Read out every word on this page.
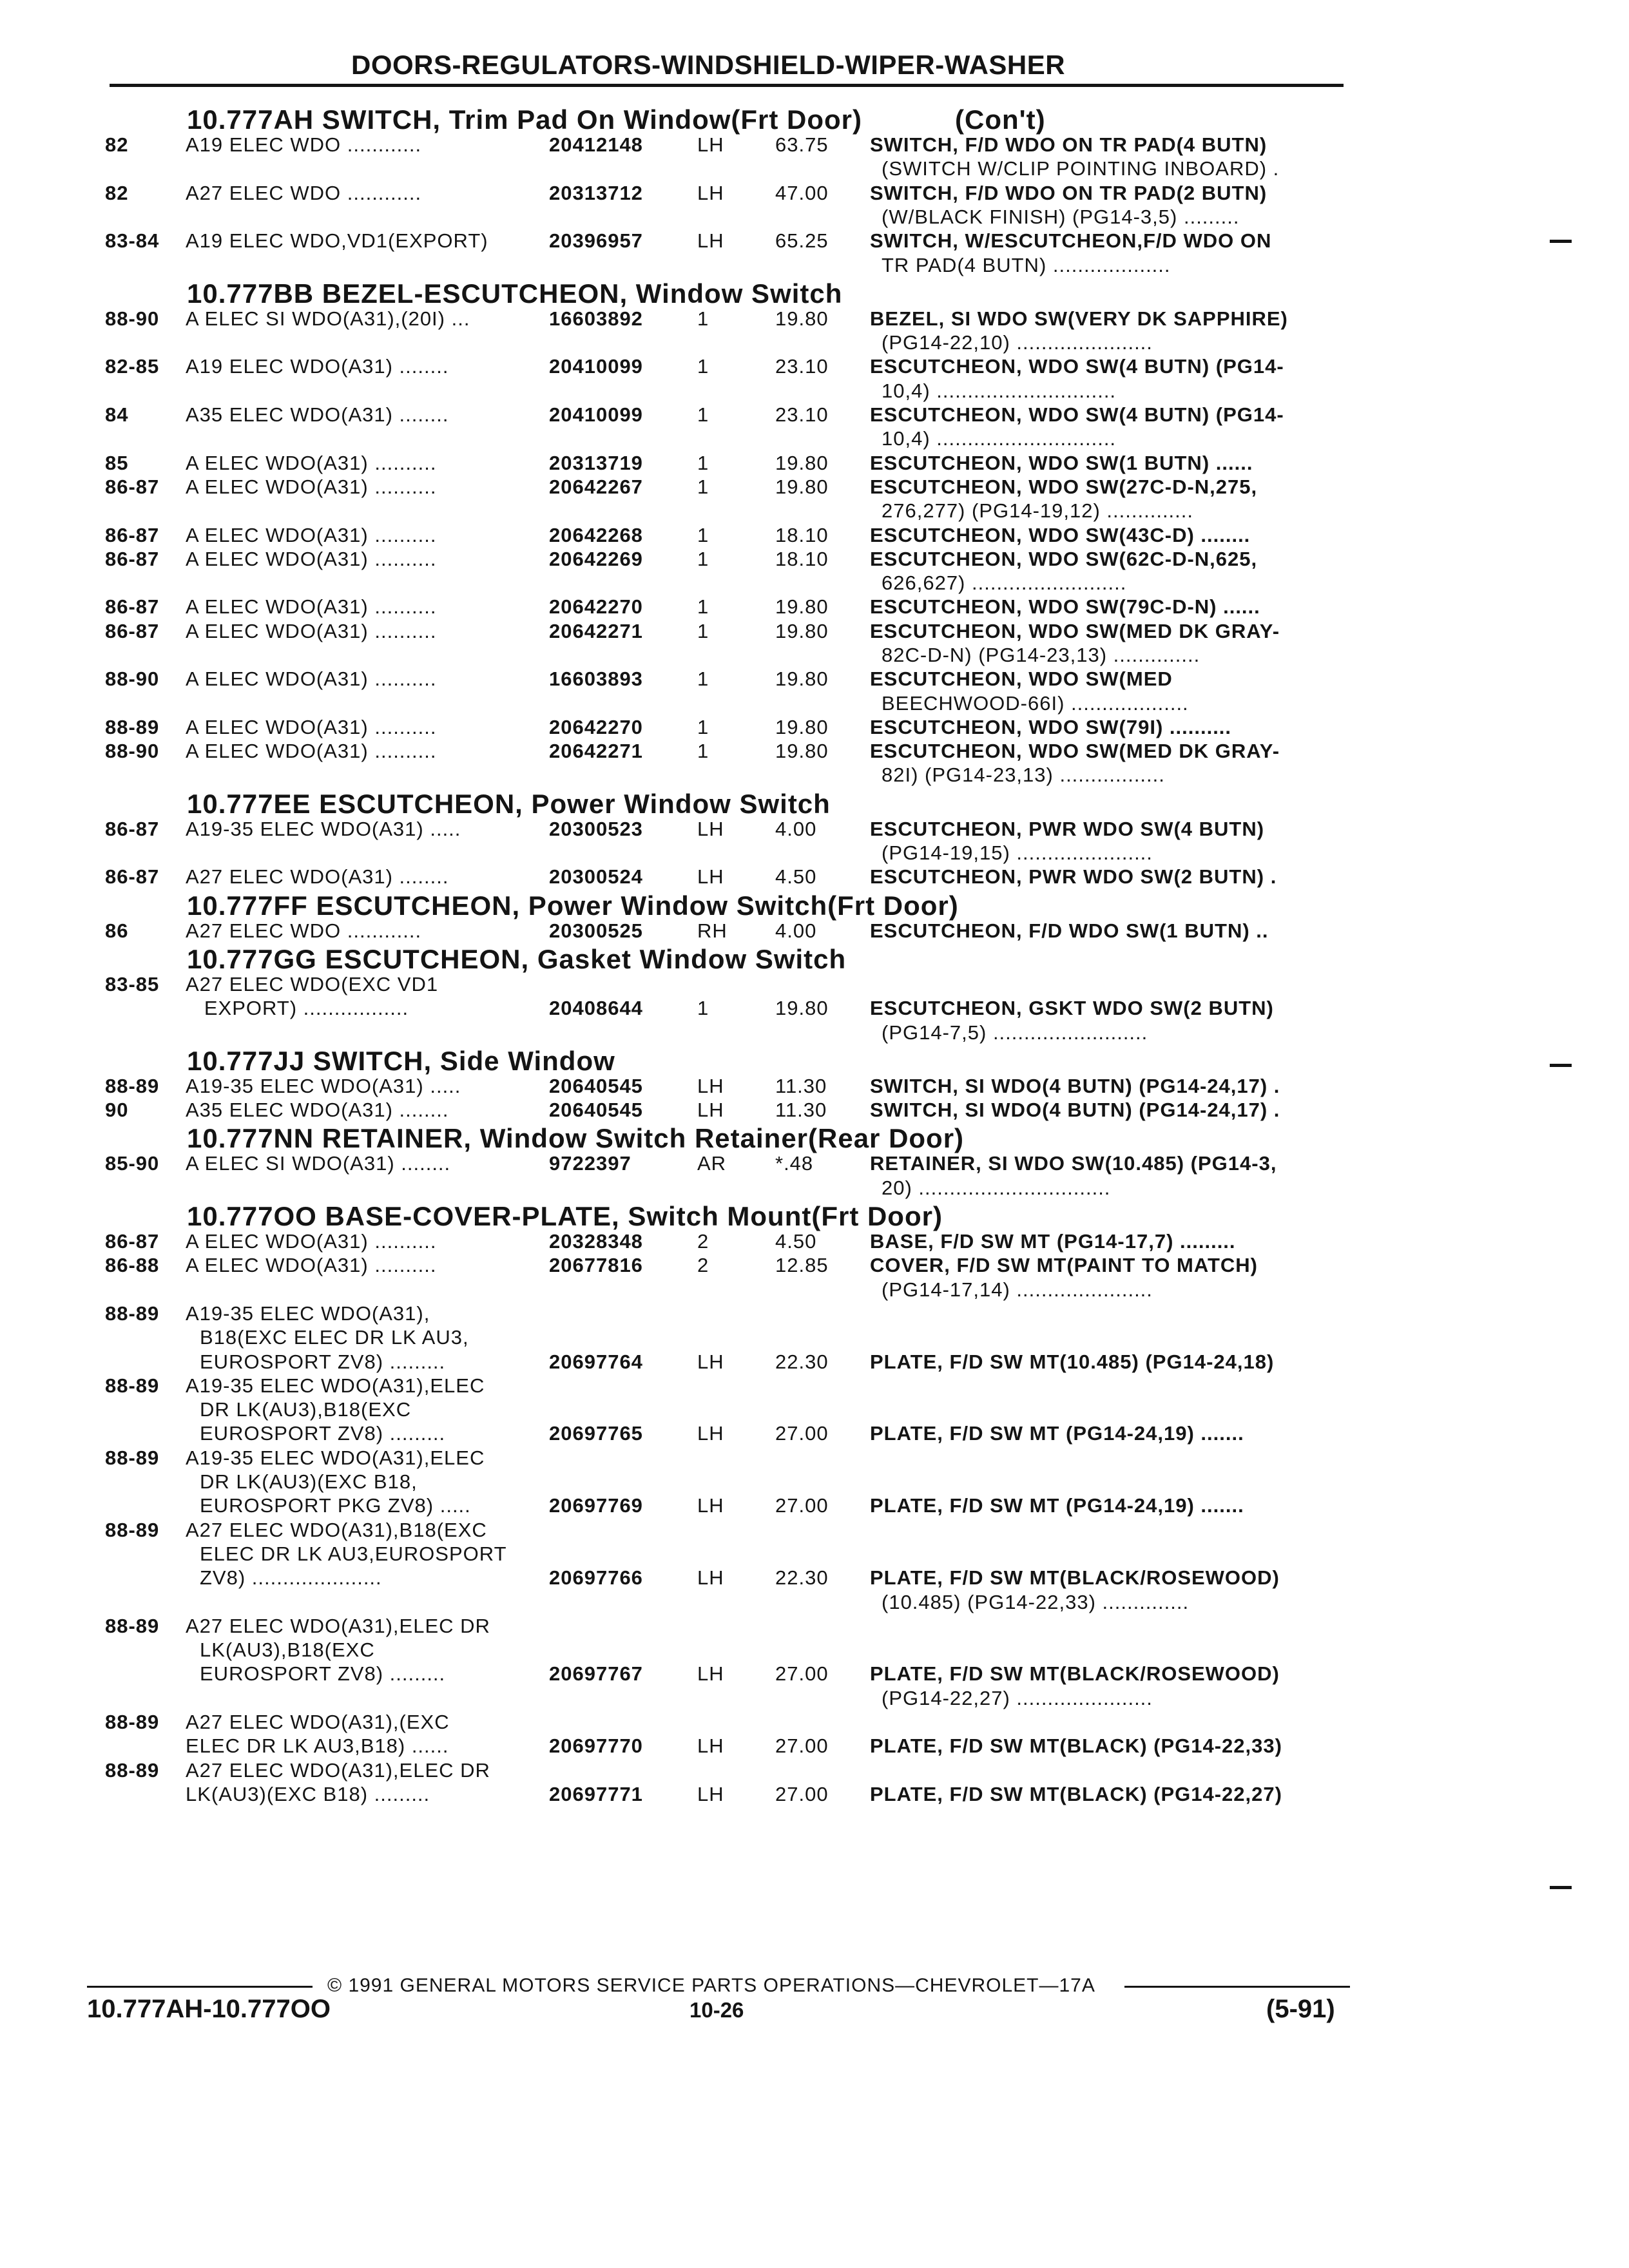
DOORS-REGULATORS-WINDSHIELD-WIPER-WASHER
10.777AH SWITCH, Trim Pad On Window(Frt Door)	(Con't)
82	A19 ELEC WDO ............	20412148	LH	63.75 SWITCH, F/D WDO ON TR PAD(4 BUTN)
(SWITCH W/CLIP POINTING INBOARD) .
82	A27 ELEC WDO ............	20313712	LH	47.00 SWITCH, F/D WDO ON TR PAD(2 BUTN)
(W/BLACK FINISH) (PG14-3,5) .........
83-84 A19 ELEC WDO,VD1(EXPORT)	20396957	LH	65.25 SWITCH, W/ESCUTCHEON,F/D WDO ON
TR PAD(4 BUTN) ...................
10.777BB BEZEL-ESCUTCHEON, Window Switch
88-90 A ELEC SI WDO(A31),(20I) ...	16603892	1	19.80 BEZEL, SI WDO SW(VERY DK SAPPHIRE)
(PG14-22,10) ......................
82-85 A19 ELEC WDO(A31) ........	20410099	1	23.10 ESCUTCHEON, WDO SW(4 BUTN) (PG14-
10,4) .............................
84	A35 ELEC WDO(A31) ........	20410099	1	23.10 ESCUTCHEON, WDO SW(4 BUTN) (PG14-
10,4) .............................
85	A ELEC WDO(A31) ..........	20313719	1	19.80 ESCUTCHEON, WDO SW(1 BUTN) ......
86-87 A ELEC WDO(A31) ..........	20642267	1	19.80 ESCUTCHEON, WDO SW(27C-D-N,275,
276,277) (PG14-19,12) ..............
86-87 A ELEC WDO(A31) ..........	20642268	1	18.10 ESCUTCHEON, WDO SW(43C-D) ........
86-87 A ELEC WDO(A31) ..........	20642269	1	18.10 ESCUTCHEON, WDO SW(62C-D-N,625,
626,627) .........................
86-87 A ELEC WDO(A31) ..........	20642270	1	19.80 ESCUTCHEON, WDO SW(79C-D-N) ......
86-87 A ELEC WDO(A31) ..........	20642271	1	19.80 ESCUTCHEON, WDO SW(MED DK GRAY-
82C-D-N) (PG14-23,13) ..............
88-90 A ELEC WDO(A31) ..........	16603893	1	19.80 ESCUTCHEON, WDO SW(MED
BEECHWOOD-66I) ...................
88-89 A ELEC WDO(A31) ..........	20642270	1	19.80 ESCUTCHEON, WDO SW(79I) ..........
88-90 A ELEC WDO(A31) ..........	20642271	1	19.80 ESCUTCHEON, WDO SW(MED DK GRAY-
82I) (PG14-23,13) .................
10.777EE ESCUTCHEON, Power Window Switch
86-87 A19-35 ELEC WDO(A31) .....	20300523	LH	4.00	ESCUTCHEON, PWR WDO SW(4 BUTN)
(PG14-19,15) ......................
86-87 A27 ELEC WDO(A31) ........	20300524	LH	4.50	ESCUTCHEON, PWR WDO SW(2 BUTN) .
10.777FF ESCUTCHEON, Power Window Switch(Frt Door)
86	A27 ELEC WDO ............	20300525	RH 4.00	ESCUTCHEON, F/D WDO SW(1 BUTN) ..
10.777GG ESCUTCHEON, Gasket Window Switch
83-85 A27 ELEC WDO(EXC VD1
EXPORT) .................	20408644	1	19.80 ESCUTCHEON, GSKT WDO SW(2 BUTN)
(PG14-7,5) .........................
10.777JJ SWITCH, Side Window
88-89 A19-35 ELEC WDO(A31) .....	20640545	LH	11.30 SWITCH, SI WDO(4 BUTN) (PG14-24,17) .
90	A35 ELEC WDO(A31) ........	20640545	LH	11.30 SWITCH, SI WDO(4 BUTN) (PG14-24,17) .
10.777NN RETAINER, Window Switch Retainer(Rear Door)
85-90 A ELEC SI WDO(A31) ........	9722397	AR *.48	RETAINER, SI WDO SW(10.485) (PG14-3,
20) ...............................
10.777OO BASE-COVER-PLATE, Switch Mount(Frt Door)
86-87 A ELEC WDO(A31) ..........	20328348	2	4.50	BASE, F/D SW MT (PG14-17,7) .........
86-88 A ELEC WDO(A31) ..........	20677816	2	12.85 COVER, F/D SW MT(PAINT TO MATCH)
(PG14-17,14) ......................
88-89 A19-35 ELEC WDO(A31),
B18(EXC ELEC DR LK AU3,
EUROSPORT ZV8) .........	20697764	LH	22.30 PLATE, F/D SW MT(10.485) (PG14-24,18)
88-89 A19-35 ELEC WDO(A31),ELEC
DR LK(AU3),B18(EXC
EUROSPORT ZV8) .........	20697765	LH	27.00 PLATE, F/D SW MT (PG14-24,19) .......
88-89 A19-35 ELEC WDO(A31),ELEC
DR LK(AU3)(EXC B18,
EUROSPORT PKG ZV8) .....	20697769	LH	27.00 PLATE, F/D SW MT (PG14-24,19) .......
88-89 A27 ELEC WDO(A31),B18(EXC
ELEC DR LK AU3,EUROSPORT
ZV8) .....................	20697766	LH	22.30 PLATE, F/D SW MT(BLACK/ROSEWOOD)
(10.485) (PG14-22,33) ..............
88-89 A27 ELEC WDO(A31),ELEC DR
LK(AU3),B18(EXC
EUROSPORT ZV8) .........	20697767	LH	27.00 PLATE, F/D SW MT(BLACK/ROSEWOOD)
(PG14-22,27) ......................
88-89 A27 ELEC WDO(A31),(EXC
ELEC DR LK AU3,B18) ......	20697770	LH	27.00 PLATE, F/D SW MT(BLACK) (PG14-22,33)
88-89 A27 ELEC WDO(A31),ELEC DR
LK(AU3)(EXC B18) .........	20697771	LH	27.00 PLATE, F/D SW MT(BLACK) (PG14-22,27)
© 1991 GENERAL MOTORS SERVICE PARTS OPERATIONS—CHEVROLET—17A
10.777AH-10.777OO	10-26	(5-91)
